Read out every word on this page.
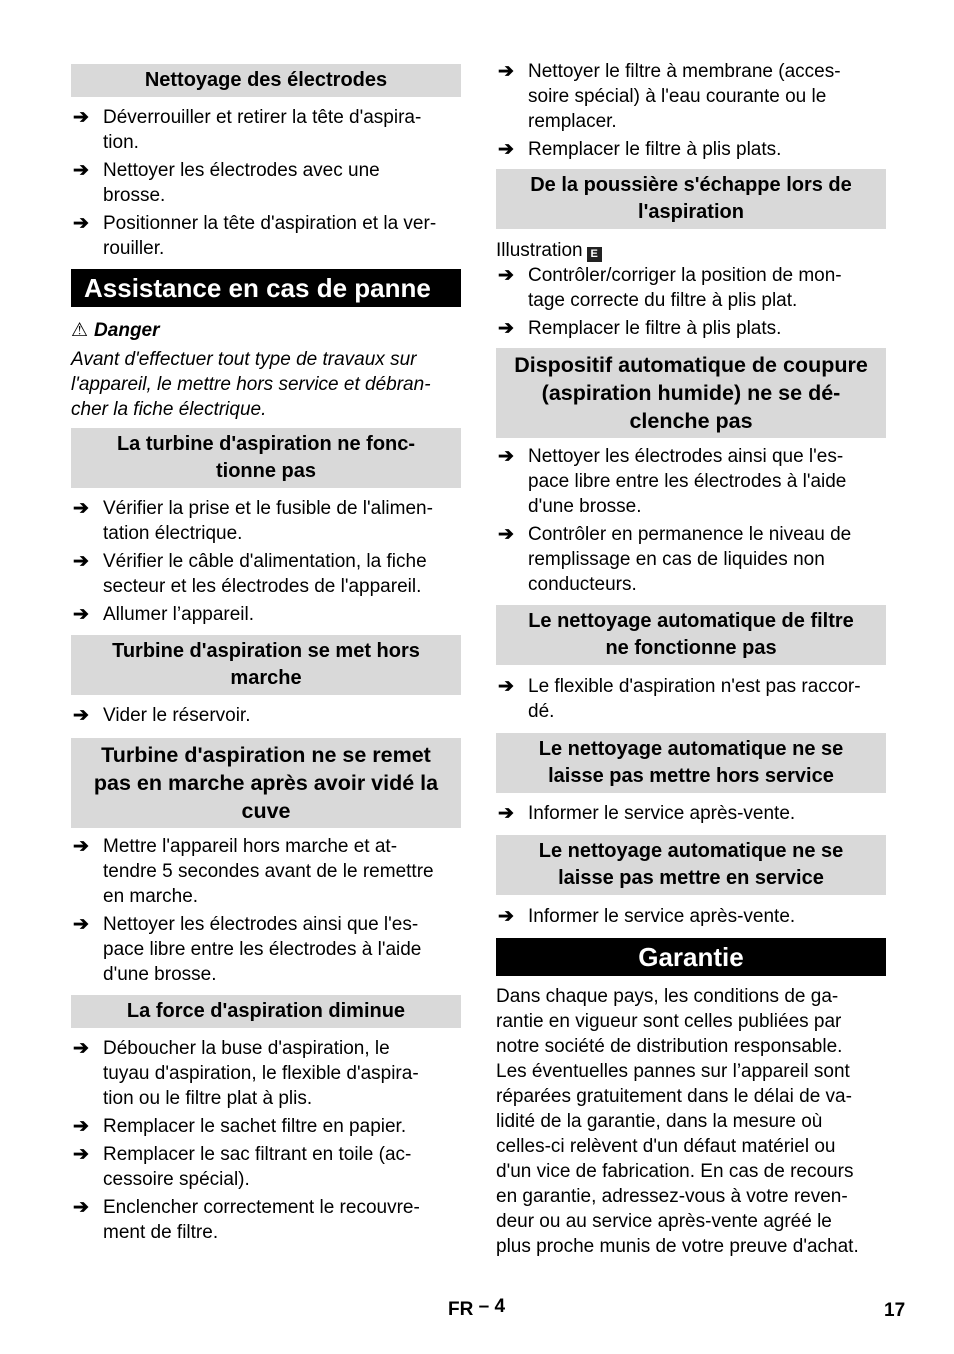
Nettoyage des électrodes
➔ Déverrouiller et retirer la tête d'aspira-
tion.
➔ Nettoyer les électrodes avec une
brosse.
➔ Positionner la tête d'aspiration et la ver-
rouiller.
Assistance en cas de panne
⚠ Danger
Avant d'effectuer tout type de travaux sur
l'appareil, le mettre hors service et débran-
cher la fiche électrique.
La turbine d'aspiration ne fonc-
tionne pas
➔ Vérifier la prise et le fusible de l'alimen-
tation électrique.
➔ Vérifier le câble d'alimentation, la fiche
secteur et les électrodes de l'appareil.
➔ Allumer l’appareil.
Turbine d'aspiration se met hors
marche
➔ Vider le réservoir.
Turbine d'aspiration ne se remet
pas en marche après avoir vidé la
cuve
➔ Mettre l'appareil hors marche et at-
tendre 5 secondes avant de le remettre
en marche.
➔ Nettoyer les électrodes ainsi que l'es-
pace libre entre les électrodes à l'aide
d'une brosse.
La force d'aspiration diminue
➔ Déboucher la buse d'aspiration, le
tuyau d'aspiration, le flexible d'aspira-
tion ou le filtre plat à plis.
➔ Remplacer le sachet filtre en papier.
➔ Remplacer le sac filtrant en toile (ac-
cessoire spécial).
➔ Enclencher correctement le recouvre-
ment de filtre.
➔ Nettoyer le filtre à membrane (acces-
soire spécial) à l'eau courante ou le
remplacer.
➔ Remplacer le filtre à plis plats.
De la poussière s'échappe lors de
l'aspiration
Illustration E
➔ Contrôler/corriger la position de mon-
tage correcte du filtre à plis plat.
➔ Remplacer le filtre à plis plats.
Dispositif automatique de coupure
(aspiration humide) ne se dé-
clenche pas
➔ Nettoyer les électrodes ainsi que l'es-
pace libre entre les électrodes à l'aide
d'une brosse.
➔ Contrôler en permanence le niveau de
remplissage en cas de liquides non
conducteurs.
Le nettoyage automatique de filtre
ne fonctionne pas
➔ Le flexible d'aspiration n'est pas raccor-
dé.
Le nettoyage automatique ne se
laisse pas mettre hors service
➔ Informer le service après-vente.
Le nettoyage automatique ne se
laisse pas mettre en service
➔ Informer le service après-vente.
Garantie
Dans chaque pays, les conditions de ga-
rantie en vigueur sont celles publiées par
notre société de distribution responsable.
Les éventuelles pannes sur l’appareil sont
réparées gratuitement dans le délai de va-
lidité de la garantie, dans la mesure où
celles-ci relèvent d'un défaut matériel ou
d'un vice de fabrication. En cas de recours
en garantie, adressez-vous à votre reven-
deur ou au service après-vente agréé le
plus proche munis de votre preuve d'achat.
FR – 4	17
